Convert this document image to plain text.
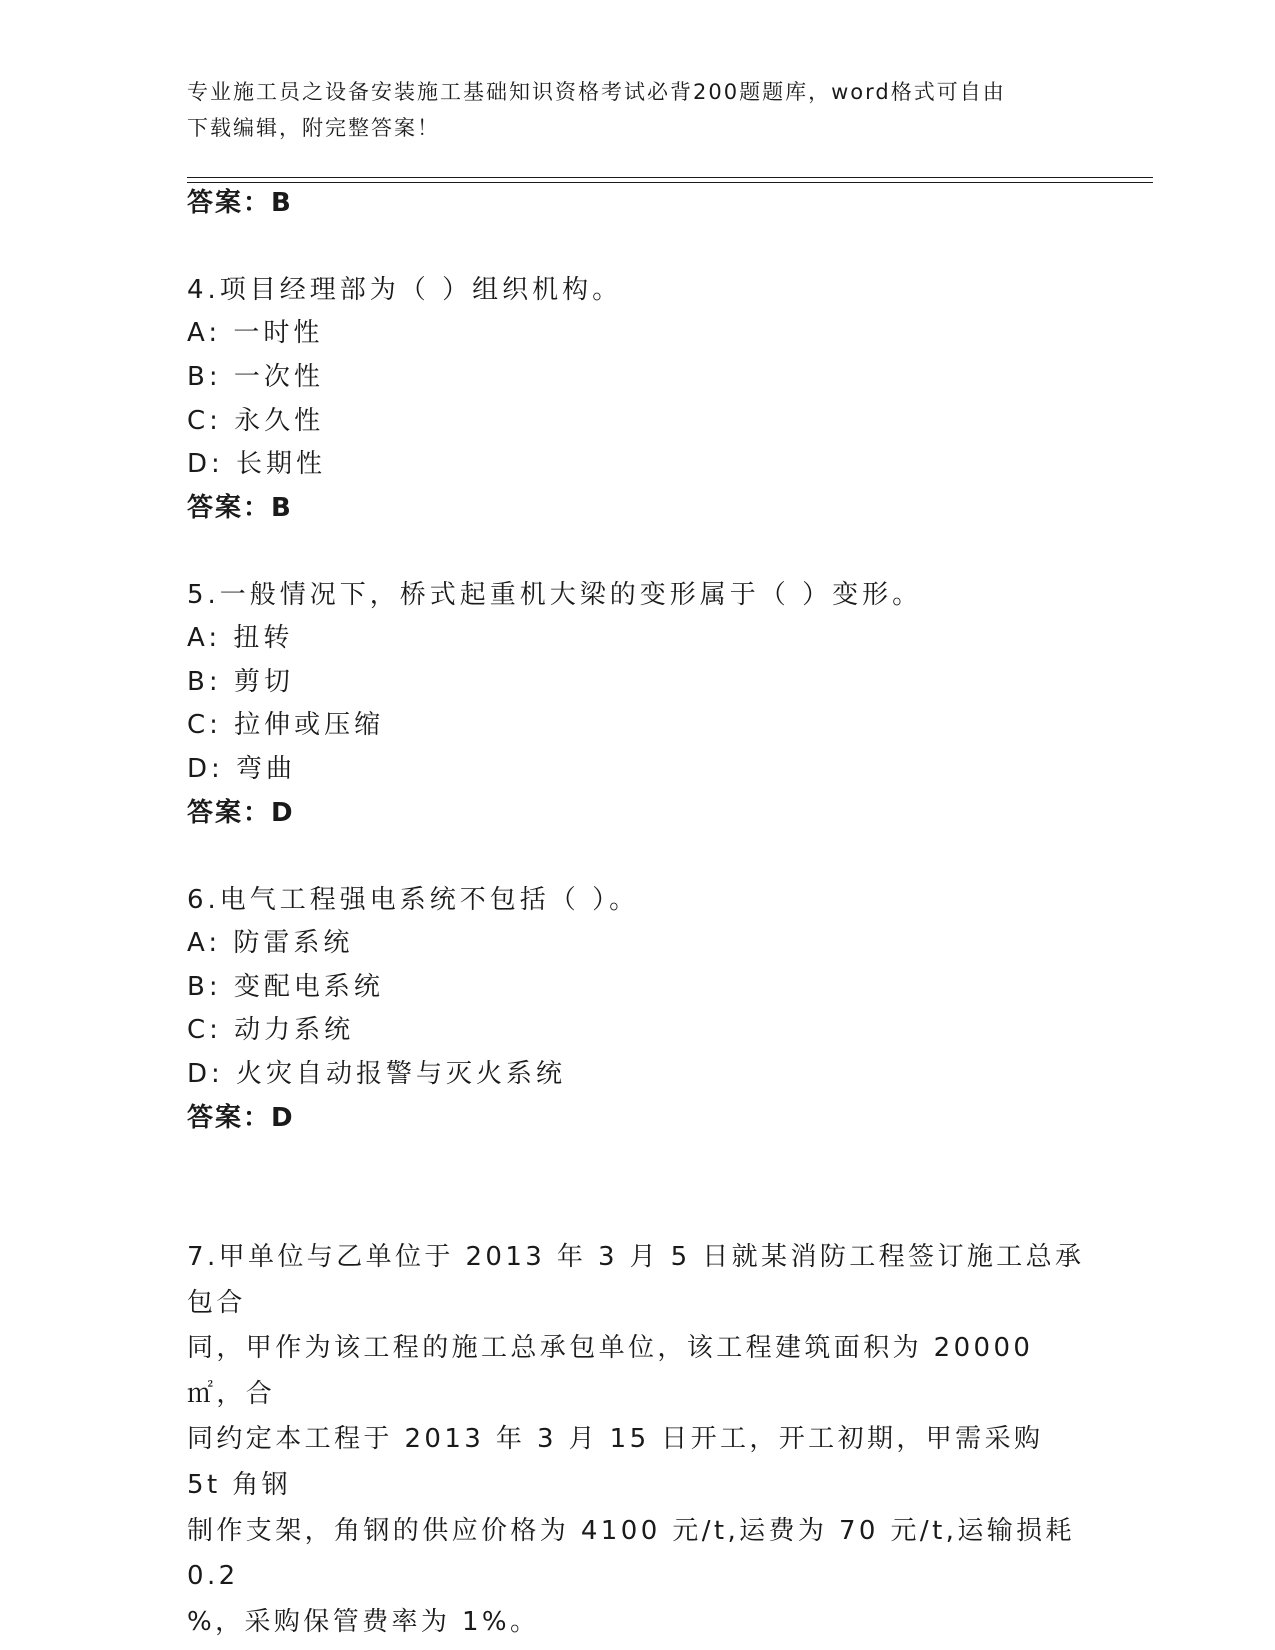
专业施工员之设备安装施工基础知识资格考试必背200题题库，word格式可自由
下载编辑，附完整答案！
答案：B
4.项目经理部为（ ）组织机构。
A: 一时性
B: 一次性
C: 永久性
D: 长期性
答案：B
5.一般情况下，桥式起重机大梁的变形属于（ ）变形。
A: 扭转
B: 剪切
C: 拉伸或压缩
D: 弯曲
答案：D
6.电气工程强电系统不包括（ ）。
A: 防雷系统
B: 变配电系统
C: 动力系统
D: 火灾自动报警与灭火系统
答案：D
7.甲单位与乙单位于 2013 年 3 月 5 日就某消防工程签订施工总承包合
同，甲作为该工程的施工总承包单位，该工程建筑面积为 20000㎡，合
同约定本工程于 2013 年 3 月 15 日开工，开工初期，甲需采购 5t 角钢
制作支架，角钢的供应价格为 4100 元/t,运费为 70 元/t,运输损耗 0.2
%，采购保管费率为 1%。
